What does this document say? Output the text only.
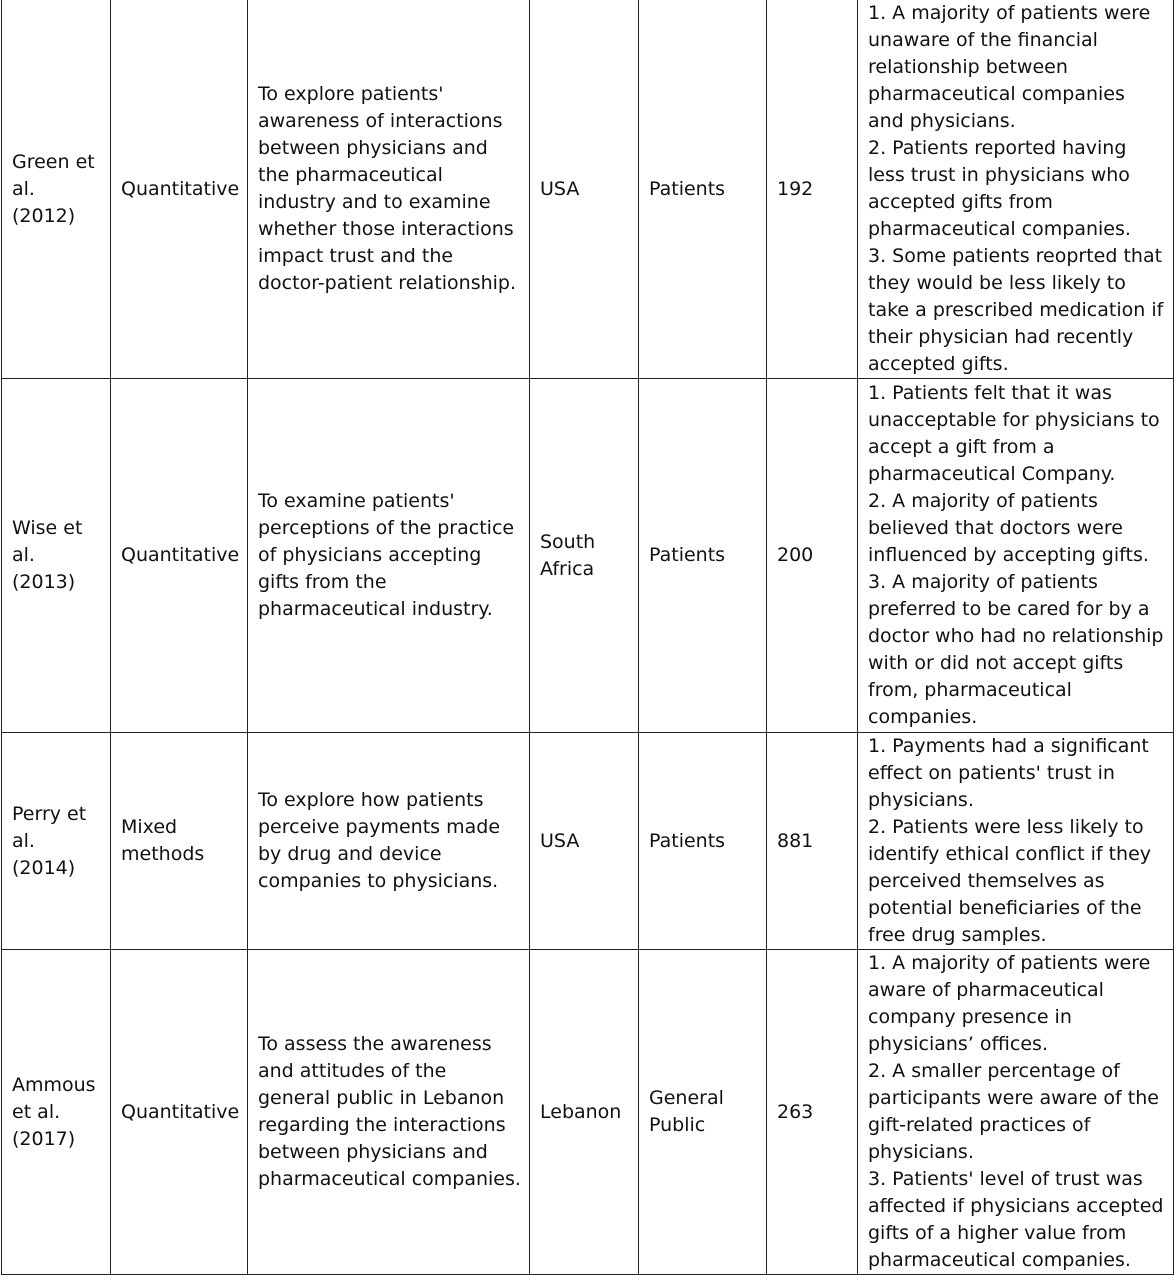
Green et al. (2012)	Quantitative	To explore patients' awareness of interactions between physicians and the pharmaceutical industry and to examine whether those interactions impact trust and the doctor-patient relationship.	USA	Patients	192	1. A majority of patients were unaware of the financial relationship between pharmaceutical companies and physicians.
2. Patients reported having less trust in physicians who accepted gifts from pharmaceutical companies.
3. Some patients reoprted that they would be less likely to take a prescribed medication if their physician had recently accepted gifts.

Wise et al. (2013)	Quantitative	To examine patients' perceptions of the practice of physicians accepting gifts from the pharmaceutical industry.	South Africa	Patients	200	1. Patients felt that it was unacceptable for physicians to accept a gift from a pharmaceutical Company.
2. A majority of patients believed that doctors were influenced by accepting gifts.
3. A majority of patients preferred to be cared for by a doctor who had no relationship with or did not accept gifts from, pharmaceutical companies.

Perry et al. (2014)	Mixed methods	To explore how patients perceive payments made by drug and device companies to physicians.	USA	Patients	881	1. Payments had a significant effect on patients' trust in physicians.
2. Patients were less likely to identify ethical conflict if they perceived themselves as potential beneficiaries of the free drug samples.

Ammous et al. (2017)	Quantitative	To assess the awareness and attitudes of the general public in Lebanon regarding the interactions between physicians and pharmaceutical companies.	Lebanon	General Public	263	1. A majority of patients were aware of pharmaceutical company presence in physicians’ offices.
2. A smaller percentage of participants were aware of the gift-related practices of physicians.
3. Patients' level of trust was affected if physicians accepted gifts of a higher value from pharmaceutical companies.
